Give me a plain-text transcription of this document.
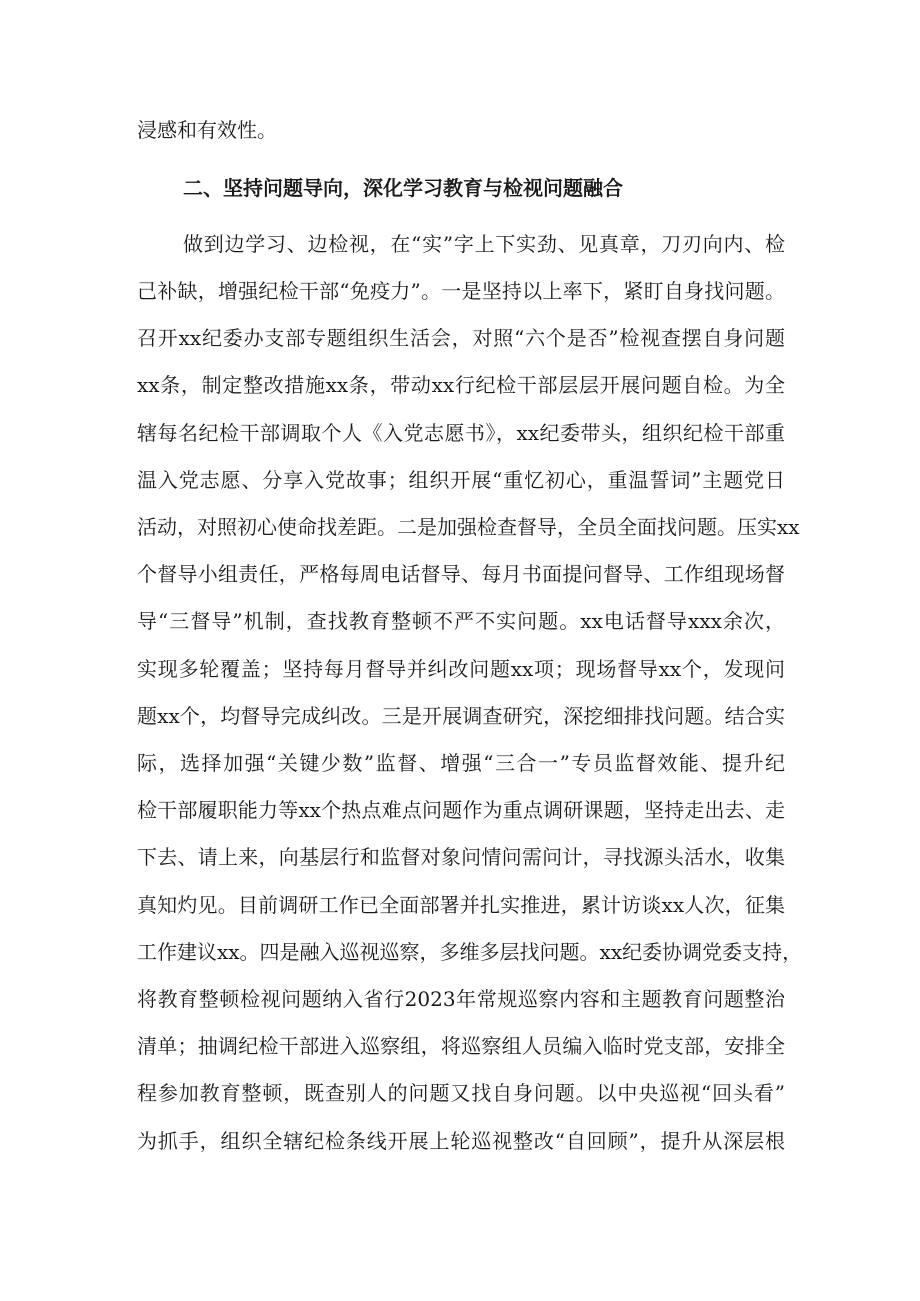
浸感和有效性。
二、坚持问题导向，深化学习教育与检视问题融合
做到边学习、边检视，在“实”字上下实劲、见真章，刀刃向内、检
己补缺，增强纪检干部“免疫力”。一是坚持以上率下，紧盯自身找问题。
召开xx纪委办支部专题组织生活会，对照“六个是否”检视查摆自身问题
xx条，制定整改措施xx条，带动xx行纪检干部层层开展问题自检。为全
辖每名纪检干部调取个人《入党志愿书》，xx纪委带头，组织纪检干部重
温入党志愿、分享入党故事；组织开展“重忆初心，重温誓词”主题党日
活动，对照初心使命找差距。二是加强检查督导，全员全面找问题。压实xx
个督导小组责任，严格每周电话督导、每月书面提问督导、工作组现场督
导“三督导”机制，查找教育整顿不严不实问题。xx电话督导xxx余次，
实现多轮覆盖；坚持每月督导并纠改问题xx项；现场督导xx个，发现问
题xx个，均督导完成纠改。三是开展调查研究，深挖细排找问题。结合实
际，选择加强“关键少数”监督、增强“三合一”专员监督效能、提升纪
检干部履职能力等xx个热点难点问题作为重点调研课题，坚持走出去、走
下去、请上来，向基层行和监督对象问情问需问计，寻找源头活水，收集
真知灼见。目前调研工作已全面部署并扎实推进，累计访谈xx人次，征集
工作建议xx。四是融入巡视巡察，多维多层找问题。xx纪委协调党委支持，
将教育整顿检视问题纳入省行2023年常规巡察内容和主题教育问题整治
清单；抽调纪检干部进入巡察组，将巡察组人员编入临时党支部，安排全
程参加教育整顿，既查别人的问题又找自身问题。以中央巡视“回头看”
为抓手，组织全辖纪检条线开展上轮巡视整改“自回顾”，提升从深层根
